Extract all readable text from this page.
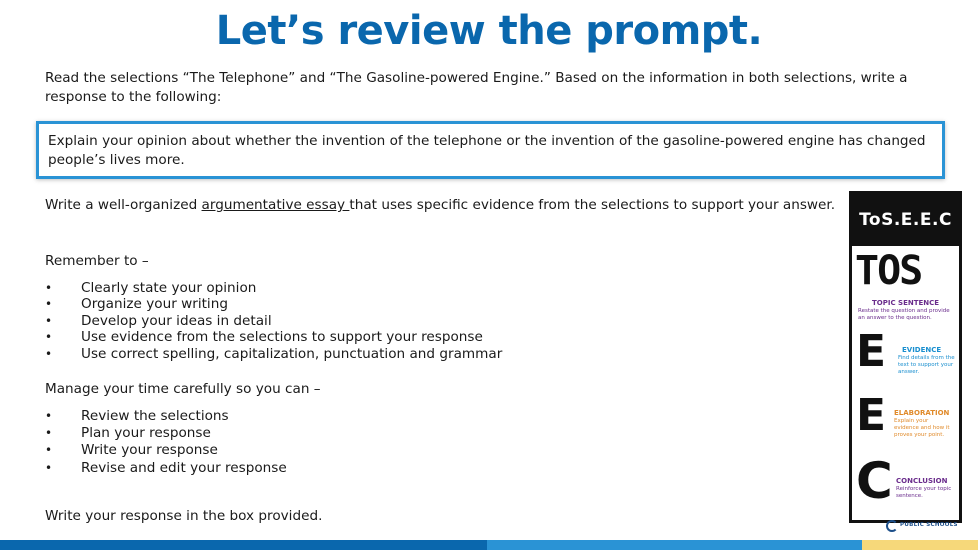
Let’s review the prompt.

Read the selections “The Telephone” and “The Gasoline-powered Engine.” Based on the information in both selections, write a response to the following:

Explain your opinion about whether the invention of the telephone or the invention of the gasoline-powered engine has changed people’s lives more.

Write a well-organized argumentative essay that uses specific evidence from the selections to support your answer.

Remember to –

• Clearly state your opinion
• Organize your writing
• Develop your ideas in detail
• Use evidence from the selections to support your response
• Use correct spelling, capitalization, punctuation and grammar

Manage your time carefully so you can –

• Review the selections
• Plan your response
• Write your response
• Revise and edit your response

Write your response in the box provided.

ToS.E.E.C
TOS
TOPIC SENTENCE
Restate the question and provide an answer to the question.
E EVIDENCE
Find details from the text to support your answer.
E ELABORATION
Explain your evidence and how it proves your point.
C CONCLUSION
Reinforce your topic sentence.
PUBLIC SCHOOLS
